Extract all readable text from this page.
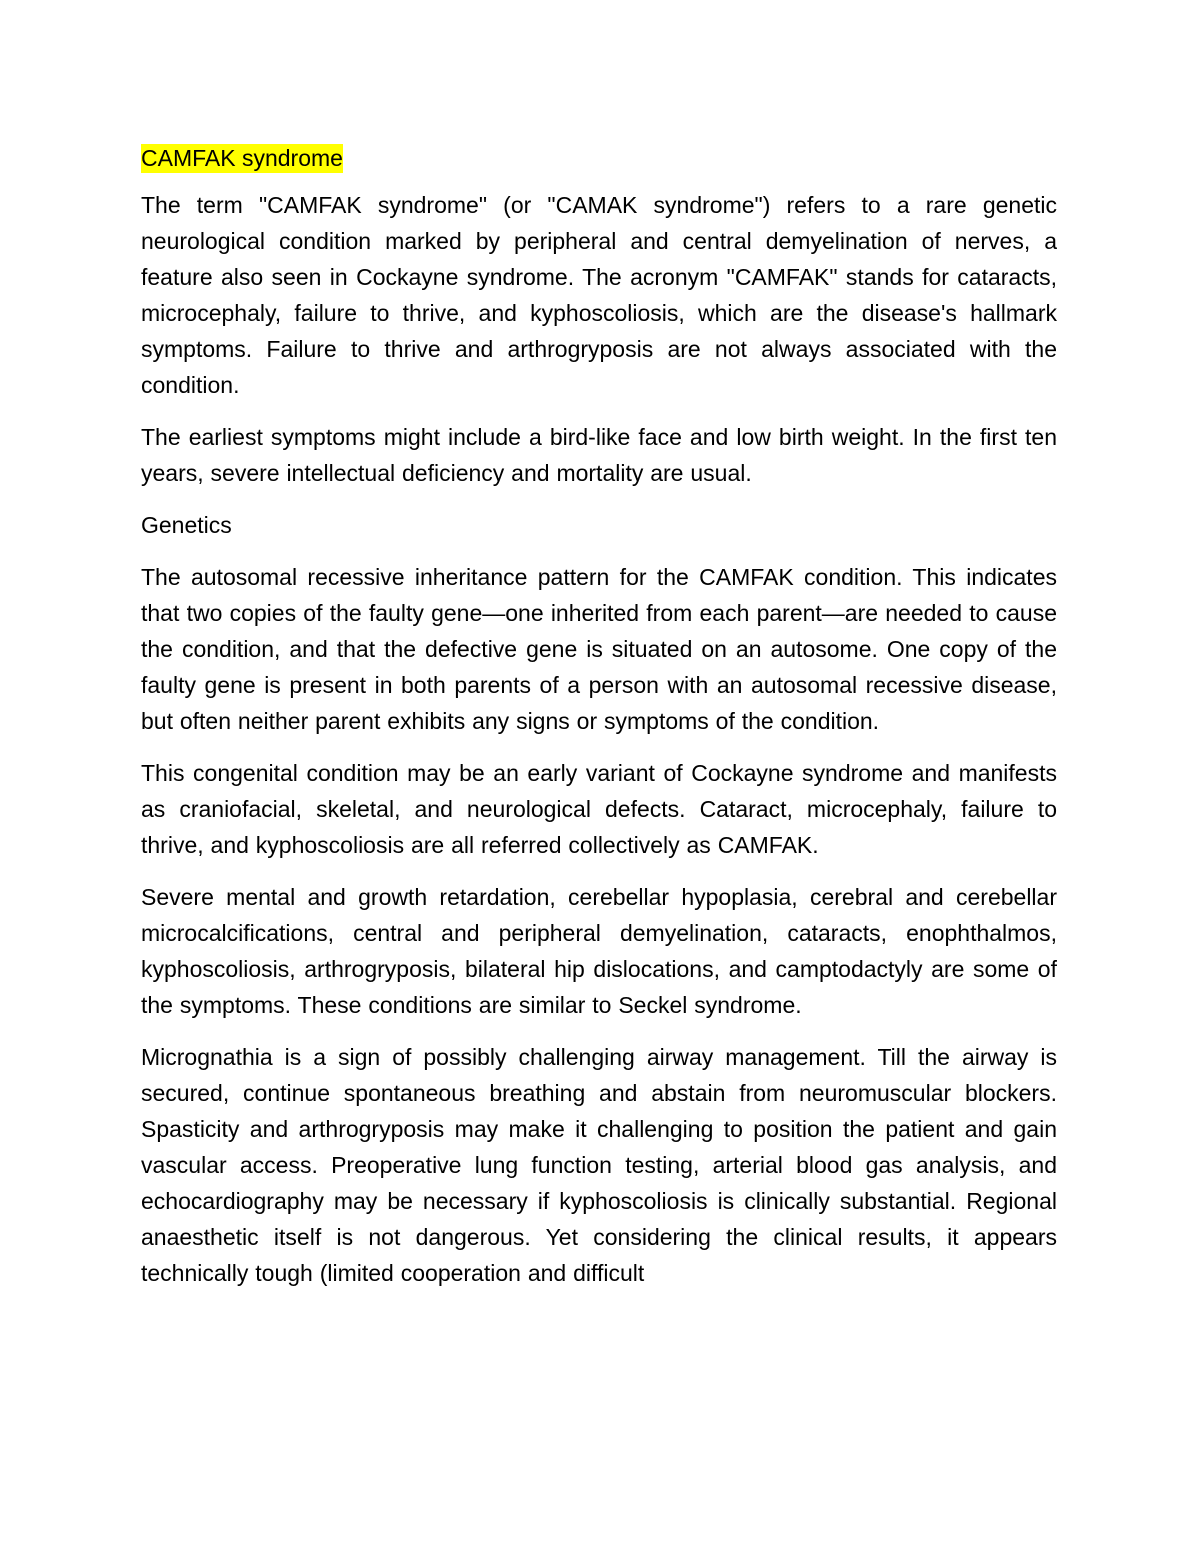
CAMFAK syndrome

The term "CAMFAK syndrome" (or "CAMAK syndrome") refers to a rare genetic neurological condition marked by peripheral and central demyelination of nerves, a feature also seen in Cockayne syndrome. The acronym "CAMFAK" stands for cataracts, microcephaly, failure to thrive, and kyphoscoliosis, which are the disease's hallmark symptoms. Failure to thrive and arthrogryposis are not always associated with the condition.

The earliest symptoms might include a bird-like face and low birth weight. In the first ten years, severe intellectual deficiency and mortality are usual.

Genetics

The autosomal recessive inheritance pattern for the CAMFAK condition. This indicates that two copies of the faulty gene—one inherited from each parent—are needed to cause the condition, and that the defective gene is situated on an autosome. One copy of the faulty gene is present in both parents of a person with an autosomal recessive disease, but often neither parent exhibits any signs or symptoms of the condition.

This congenital condition may be an early variant of Cockayne syndrome and manifests as craniofacial, skeletal, and neurological defects. Cataract, microcephaly, failure to thrive, and kyphoscoliosis are all referred collectively as CAMFAK.

Severe mental and growth retardation, cerebellar hypoplasia, cerebral and cerebellar microcalcifications, central and peripheral demyelination, cataracts, enophthalmos, kyphoscoliosis, arthrogryposis, bilateral hip dislocations, and camptodactyly are some of the symptoms. These conditions are similar to Seckel syndrome.

Micrognathia is a sign of possibly challenging airway management. Till the airway is secured, continue spontaneous breathing and abstain from neuromuscular blockers. Spasticity and arthrogryposis may make it challenging to position the patient and gain vascular access. Preoperative lung function testing, arterial blood gas analysis, and echocardiography may be necessary if kyphoscoliosis is clinically substantial. Regional anaesthetic itself is not dangerous. Yet considering the clinical results, it appears technically tough (limited cooperation and difficult
